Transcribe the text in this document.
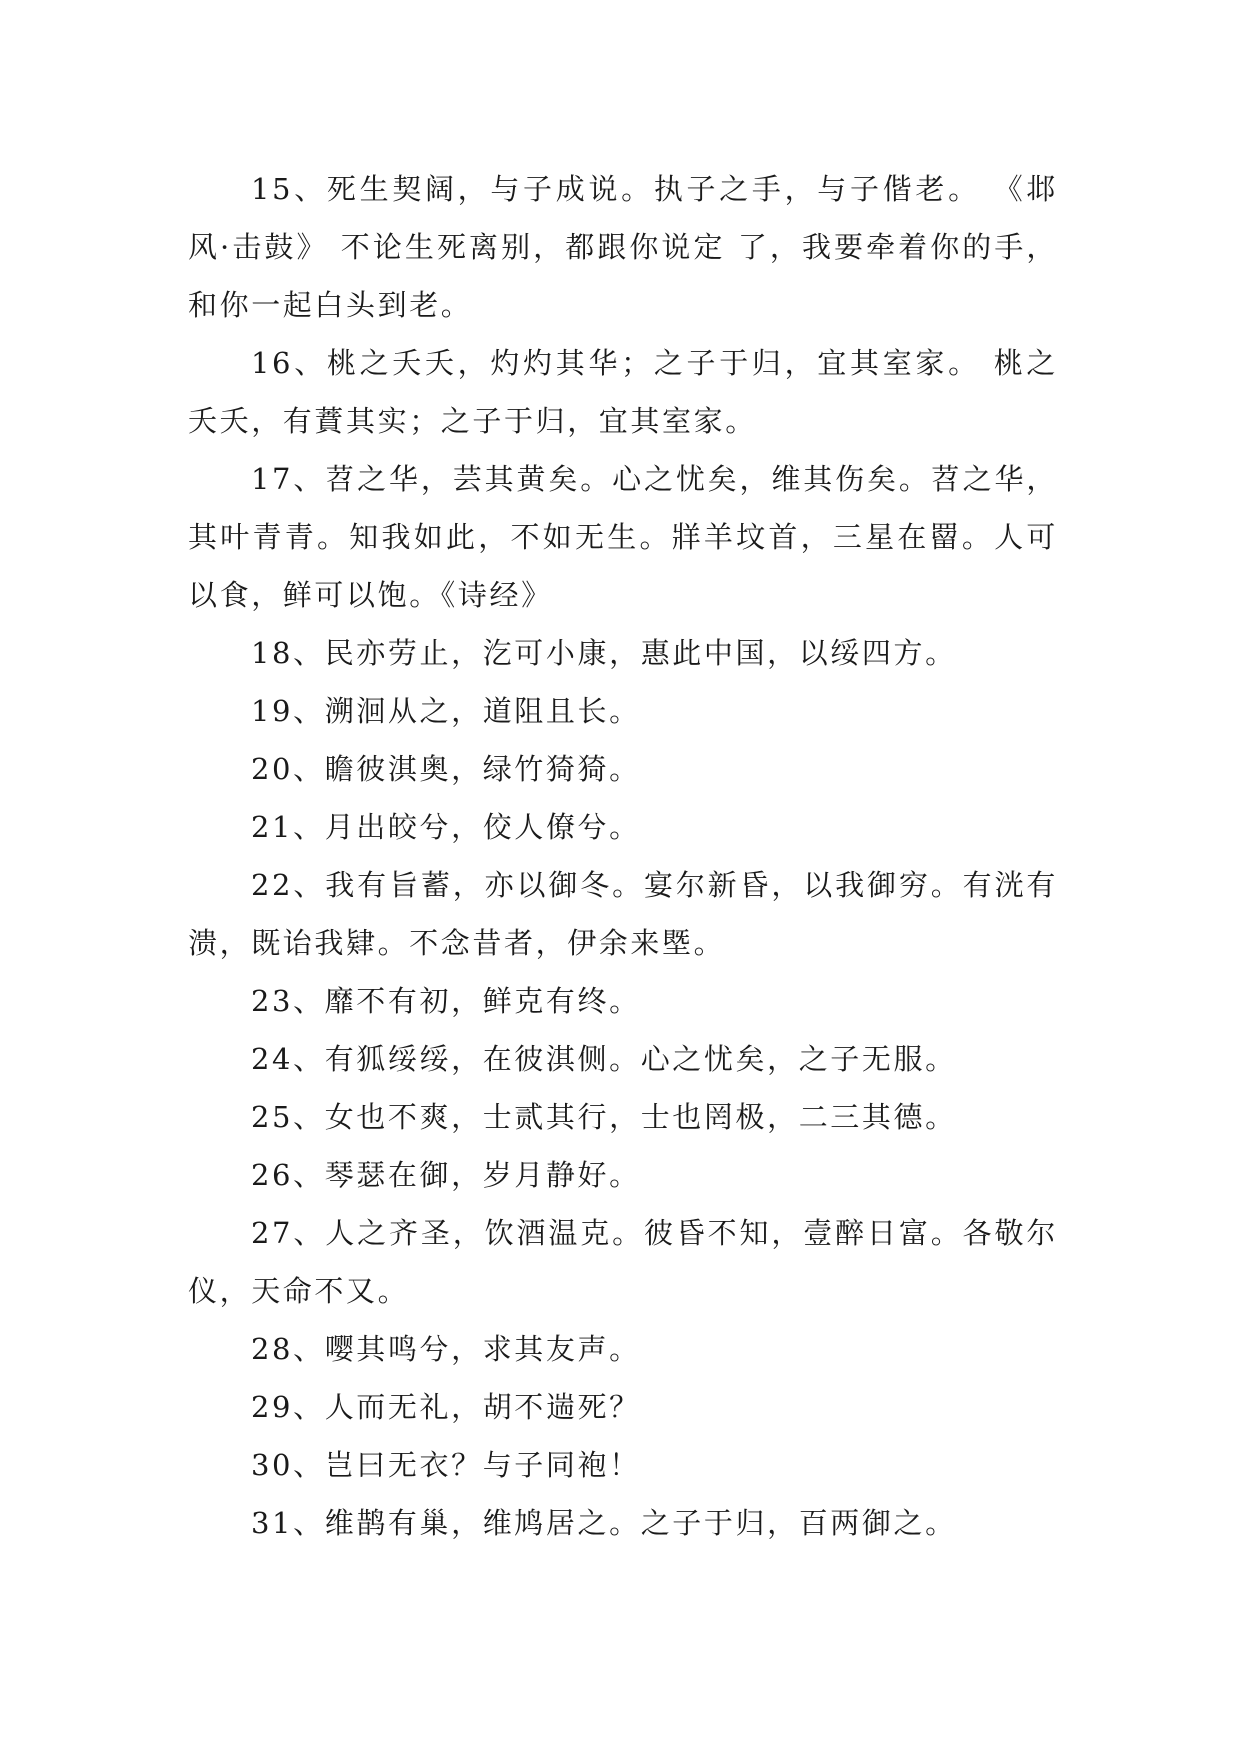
15、死生契阔，与子成说。执子之手，与子偕老。 《邶风·击鼓》 不论生死离别，都跟你说定 了，我要牵着你的手，和你一起白头到老。

16、桃之夭夭，灼灼其华；之子于归，宜其室家。 桃之夭夭，有蕡其实；之子于归，宜其室家。

17、苕之华，芸其黄矣。心之忧矣，维其伤矣。苕之华，其叶青青。知我如此，不如无生。牂羊坟首，三星在罶。人可以食，鲜可以饱。《诗经》

18、民亦劳止，汔可小康，惠此中国，以绥四方。

19、溯洄从之，道阻且长。

20、瞻彼淇奥，绿竹猗猗。

21、月出皎兮，佼人僚兮。

22、我有旨蓄，亦以御冬。宴尔新昏，以我御穷。有洸有溃，既诒我肄。不念昔者，伊余来塈。

23、靡不有初，鲜克有终。

24、有狐绥绥，在彼淇侧。心之忧矣，之子无服。

25、女也不爽，士贰其行，士也罔极，二三其德。

26、琴瑟在御，岁月静好。

27、人之齐圣，饮酒温克。彼昏不知，壹醉日富。各敬尔仪，天命不又。

28、嘤其鸣兮，求其友声。

29、人而无礼，胡不遄死？

30、岂曰无衣？与子同袍！

31、维鹊有巢，维鸠居之。之子于归，百两御之。
